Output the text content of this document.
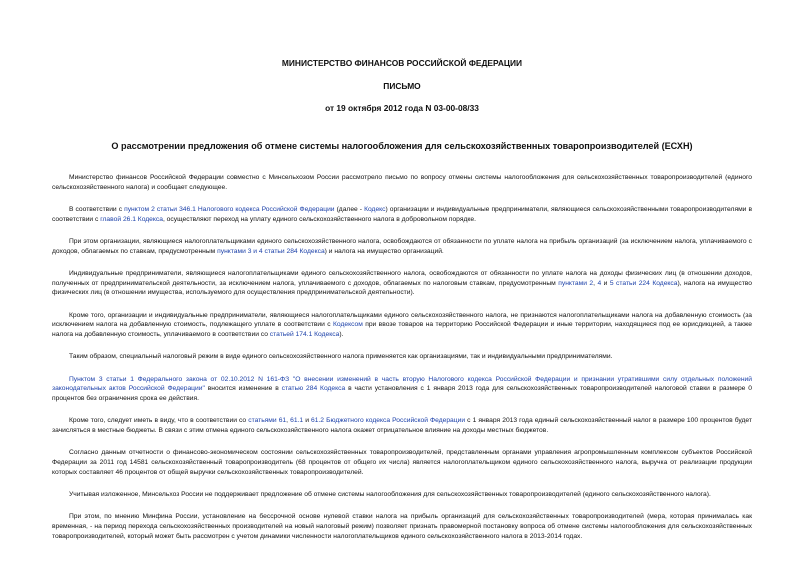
МИНИСТЕРСТВО ФИНАНСОВ РОССИЙСКОЙ ФЕДЕРАЦИИ
ПИСЬМО
от 19 октября 2012 года N 03-00-08/33
О рассмотрении предложения об отмене системы налогообложения для сельскохозяйственных товаропроизводителей (ЕСХН)

Министерство финансов Российской Федерации совместно с Минсельхозом России рассмотрело письмо по вопросу отмены системы налогообложения для сельскохозяйственных товаропроизводителей (единого сельскохозяйственного налога) и сообщает следующее.

В соответствии с пунктом 2 статьи 346.1 Налогового кодекса Российской Федерации (далее - Кодекс) организации и индивидуальные предприниматели, являющиеся сельскохозяйственными товаропроизводителями в соответствии с главой 26.1 Кодекса, осуществляют переход на уплату единого сельскохозяйственного налога в добровольном порядке.

При этом организации, являющиеся налогоплательщиками единого сельскохозяйственного налога, освобождаются от обязанности по уплате налога на прибыль организаций (за исключением налога, уплачиваемого с доходов, облагаемых по ставкам, предусмотренным пунктами 3 и 4 статьи 284 Кодекса) и налога на имущество организаций.

Индивидуальные предприниматели, являющиеся налогоплательщиками единого сельскохозяйственного налога, освобождаются от обязанности по уплате налога на доходы физических лиц (в отношении доходов, полученных от предпринимательской деятельности, за исключением налога, уплачиваемого с доходов, облагаемых по налоговым ставкам, предусмотренным пунктами 2, 4 и 5 статьи 224 Кодекса), налога на имущество физических лиц (в отношении имущества, используемого для осуществления предпринимательской деятельности).

Кроме того, организации и индивидуальные предприниматели, являющиеся налогоплательщиками единого сельскохозяйственного налога, не признаются налогоплательщиками налога на добавленную стоимость (за исключением налога на добавленную стоимость, подлежащего уплате в соответствии с Кодексом при ввозе товаров на территорию Российской Федерации и иные территории, находящиеся под ее юрисдикцией, а также налога на добавленную стоимость, уплачиваемого в соответствии со статьей 174.1 Кодекса).

Таким образом, специальный налоговый режим в виде единого сельскохозяйственного налога применяется как организациями, так и индивидуальными предпринимателями.

Пунктом 3 статьи 1 Федерального закона от 02.10.2012 N 161-ФЗ "О внесении изменений в часть вторую Налогового кодекса Российской Федерации и признании утратившими силу отдельных положений законодательных актов Российской Федерации" вносится изменение в статью 284 Кодекса в части установления с 1 января 2013 года для сельскохозяйственных товаропроизводителей налоговой ставки в размере 0 процентов без ограничения срока ее действия.

Кроме того, следует иметь в виду, что в соответствии со статьями 61, 61.1 и 61.2 Бюджетного кодекса Российской Федерации с 1 января 2013 года единый сельскохозяйственный налог в размере 100 процентов будет зачисляться в местные бюджеты. В связи с этим отмена единого сельскохозяйственного налога окажет отрицательное влияние на доходы местных бюджетов.

Согласно данным отчетности о финансово-экономическом состоянии сельскохозяйственных товаропроизводителей, представленным органами управления агропромышленным комплексом субъектов Российской Федерации за 2011 год 14581 сельскохозяйственный товаропроизводитель (68 процентов от общего их числа) является налогоплательщиком единого сельскохозяйственного налога, выручка от реализации продукции которых составляет 46 процентов от общей выручки сельскохозяйственных товаропроизводителей.

Учитывая изложенное, Минсельхоз России не поддерживает предложение об отмене системы налогообложения для сельскохозяйственных товаропроизводителей (единого сельскохозяйственного налога).

При этом, по мнению Минфина России, установление на бессрочной основе нулевой ставки налога на прибыль организаций для сельскохозяйственных товаропроизводителей (мера, которая принималась как временная, - на период перехода сельскохозяйственных производителей на новый налоговый режим) позволяет признать правомерной постановку вопроса об отмене системы налогообложения для сельскохозяйственных товаропроизводителей, который может быть рассмотрен с учетом динамики численности налогоплательщиков единого сельскохозяйственного налога в 2013-2014 годах.
